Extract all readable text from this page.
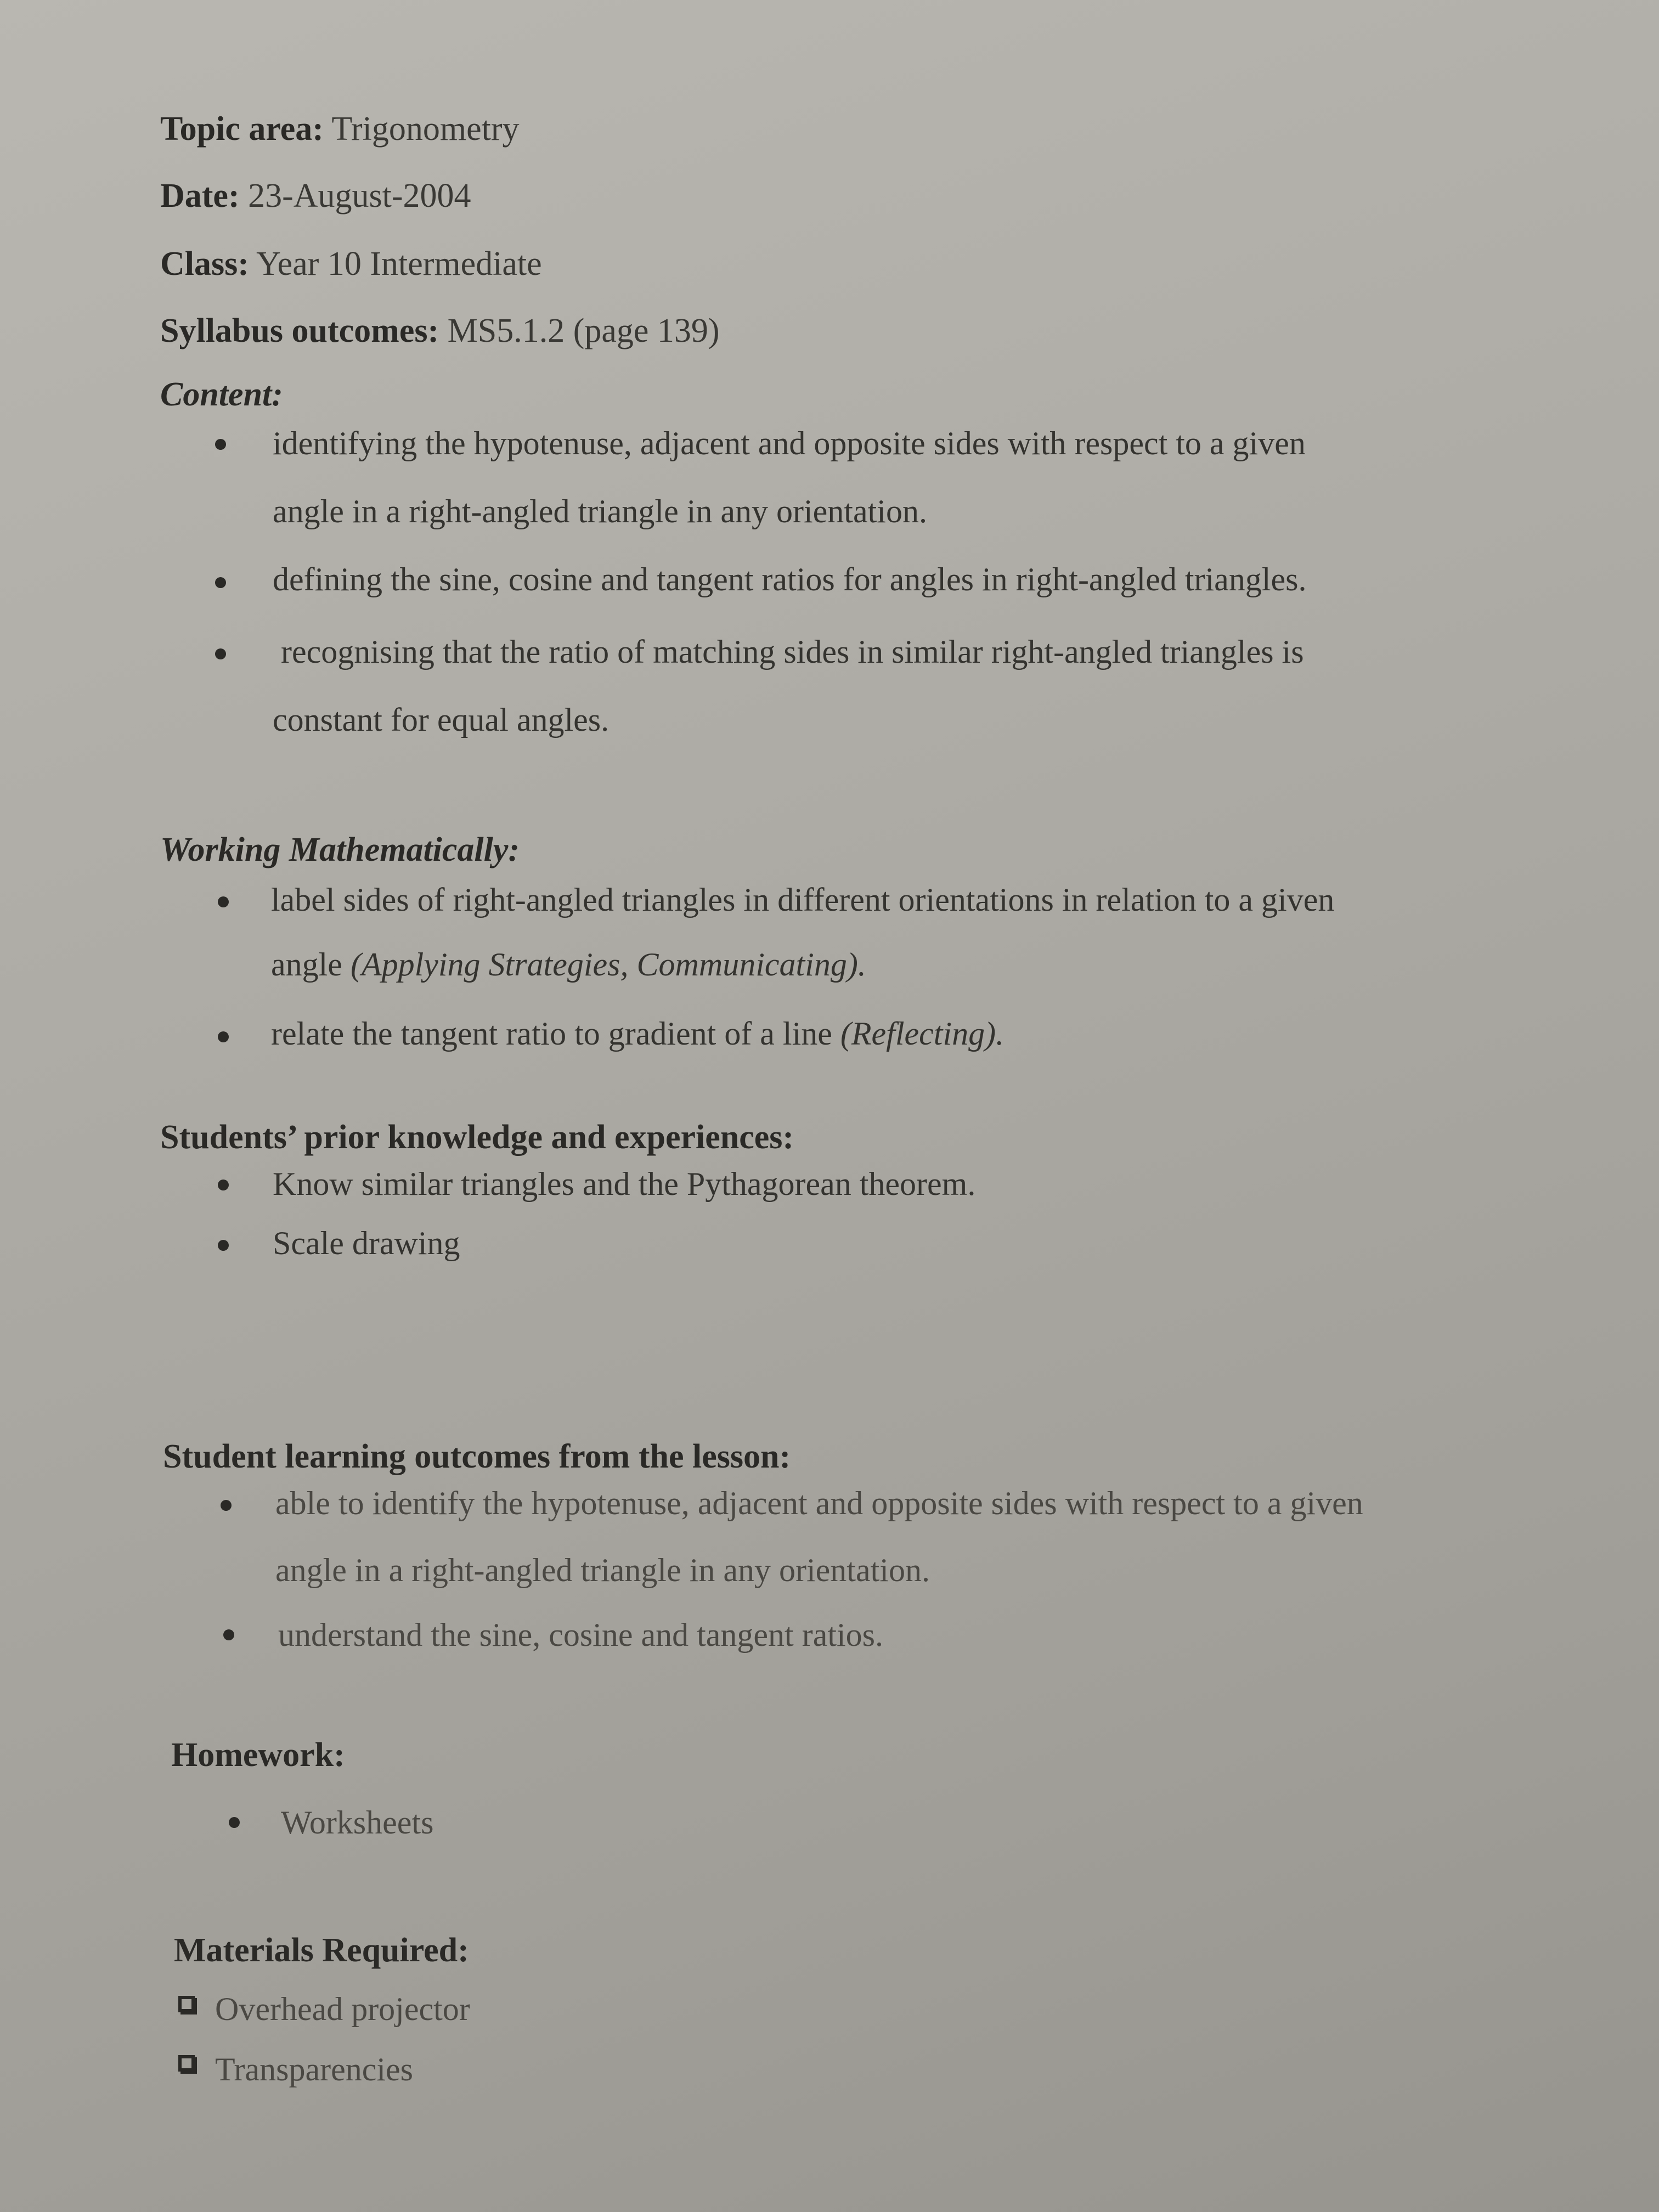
Topic area: Trigonometry
Date: 23-August-2004
Class: Year 10 Intermediate
Syllabus outcomes: MS5.1.2 (page 139)
Content:
identifying the hypotenuse, adjacent and opposite sides with respect to a given
angle in a right-angled triangle in any orientation.
defining the sine, cosine and tangent ratios for angles in right-angled triangles.
recognising that the ratio of matching sides in similar right-angled triangles is
constant for equal angles.
Working Mathematically:
label sides of right-angled triangles in different orientations in relation to a given
angle (Applying Strategies, Communicating).
relate the tangent ratio to gradient of a line (Reflecting).
Students’ prior knowledge and experiences:
Know similar triangles and the Pythagorean theorem.
Scale drawing
Student learning outcomes from the lesson:
able to identify the hypotenuse, adjacent and opposite sides with respect to a given
angle in a right-angled triangle in any orientation.
understand the sine, cosine and tangent ratios.
Homework:
Worksheets
Materials Required:
Overhead projector
Transparencies
